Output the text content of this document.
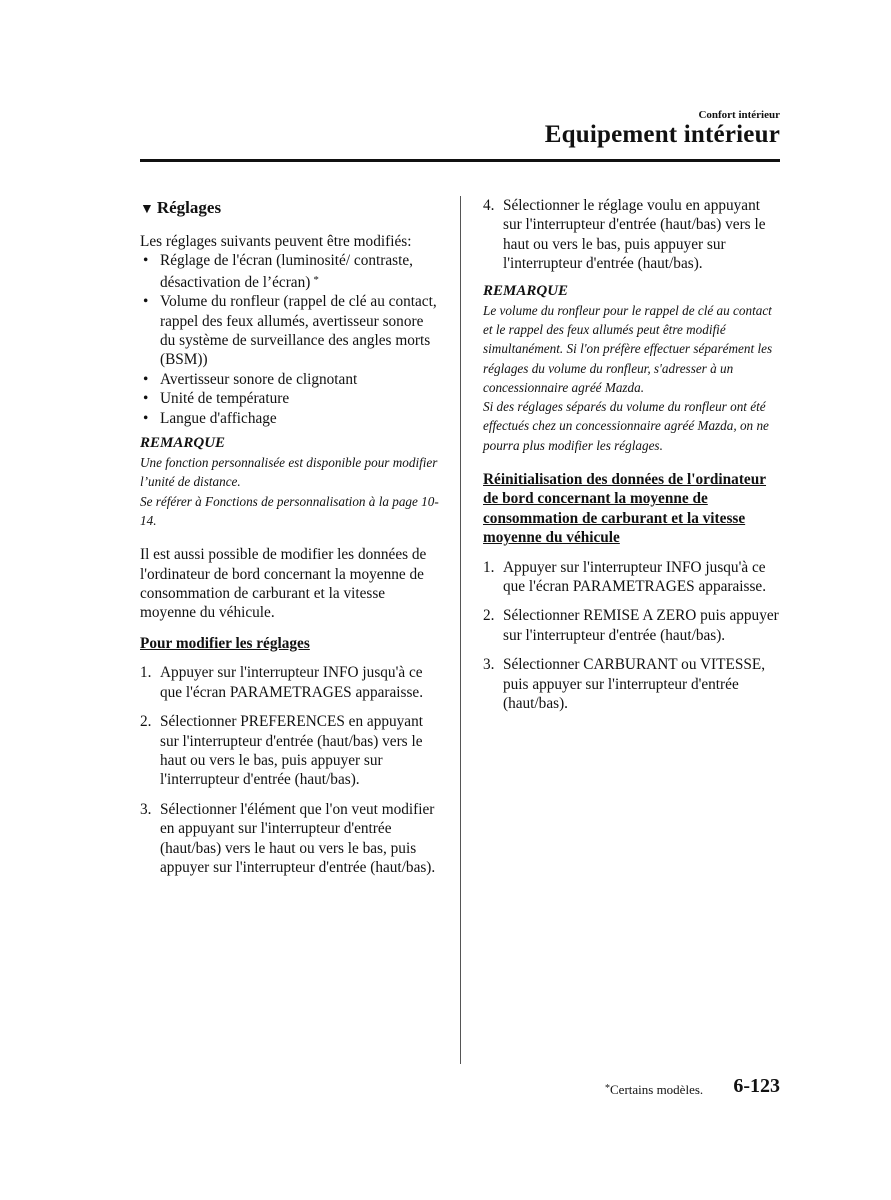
Confort intérieur
Equipement intérieur
▼ Réglages

Les réglages suivants peuvent être modifiés:

• Réglage de l'écran (luminosité/ contraste, désactivation de l’écran) *
• Volume du ronfleur (rappel de clé au contact, rappel des feux allumés, avertisseur sonore du système de surveillance des angles morts (BSM))
• Avertisseur sonore de clignotant
• Unité de température
• Langue d'affichage
REMARQUE
Une fonction personnalisée est disponible pour modifier l’unité de distance.
Se référer à Fonctions de personnalisation à la page 10-14.

Il est aussi possible de modifier les données de l'ordinateur de bord concernant la moyenne de consommation de carburant et la vitesse moyenne du véhicule.

Pour modifier les réglages
1. Appuyer sur l'interrupteur INFO jusqu'à ce que l'écran PARAMETRAGES apparaisse.
2. Sélectionner PREFERENCES en appuyant sur l'interrupteur d'entrée (haut/bas) vers le haut ou vers le bas, puis appuyer sur l'interrupteur d'entrée (haut/bas).
3. Sélectionner l'élément que l'on veut modifier en appuyant sur l'interrupteur d'entrée (haut/bas) vers le haut ou vers le bas, puis appuyer sur l'interrupteur d'entrée (haut/bas).
4. Sélectionner le réglage voulu en appuyant sur l'interrupteur d'entrée (haut/bas) vers le haut ou vers le bas, puis appuyer sur l'interrupteur d'entrée (haut/bas).
REMARQUE
Le volume du ronfleur pour le rappel de clé au contact et le rappel des feux allumés peut être modifié simultanément. Si l'on préfère effectuer séparément les réglages du volume du ronfleur, s'adresser à un concessionnaire agréé Mazda.
Si des réglages séparés du volume du ronfleur ont été effectués chez un concessionnaire agréé Mazda, on ne pourra plus modifier les réglages.
Réinitialisation des données de l'ordinateur de bord concernant la moyenne de consommation de carburant et la vitesse moyenne du véhicule
1. Appuyer sur l'interrupteur INFO jusqu'à ce que l'écran PARAMETRAGES apparaisse.
2. Sélectionner REMISE A ZERO puis appuyer sur l'interrupteur d'entrée (haut/bas).
3. Sélectionner CARBURANT ou VITESSE, puis appuyer sur l'interrupteur d'entrée (haut/bas).
*Certains modèles. 6-123
